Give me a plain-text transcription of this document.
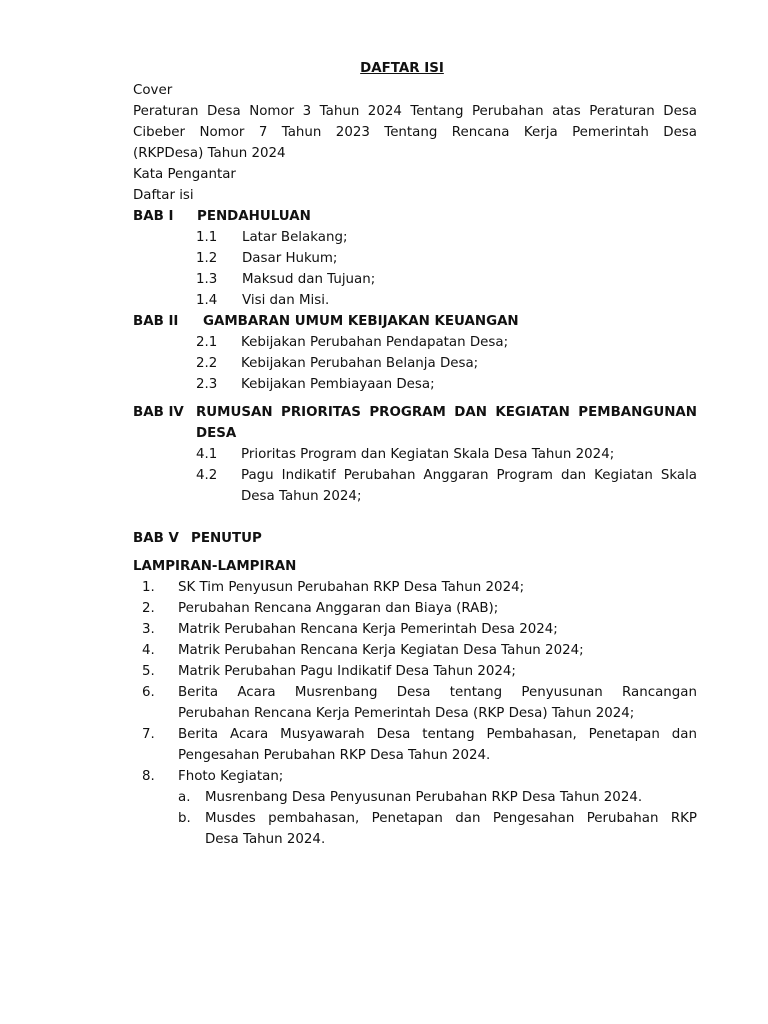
DAFTAR ISI
Cover
Peraturan Desa Nomor 3 Tahun 2024 Tentang Perubahan atas Peraturan Desa
Cibeber Nomor 7 Tahun 2023 Tentang Rencana Kerja Pemerintah Desa
(RKPDesa) Tahun 2024
Kata Pengantar
Daftar isi
BAB I PENDAHULUAN
1.1 Latar Belakang;
1.2 Dasar Hukum;
1.3 Maksud dan Tujuan;
1.4 Visi dan Misi.
BAB II GAMBARAN UMUM KEBIJAKAN KEUANGAN
2.1 Kebijakan Perubahan Pendapatan Desa;
2.2 Kebijakan Perubahan Belanja Desa;
2.3 Kebijakan Pembiayaan Desa;
BAB IV RUMUSAN PRIORITAS PROGRAM DAN KEGIATAN PEMBANGUNAN
DESA
4.1 Prioritas Program dan Kegiatan Skala Desa Tahun 2024;
4.2 Pagu Indikatif Perubahan Anggaran Program dan Kegiatan Skala
Desa Tahun 2024;
BAB V PENUTUP
LAMPIRAN-LAMPIRAN
1. SK Tim Penyusun Perubahan RKP Desa Tahun 2024;
2. Perubahan Rencana Anggaran dan Biaya (RAB);
3. Matrik Perubahan Rencana Kerja Pemerintah Desa 2024;
4. Matrik Perubahan Rencana Kerja Kegiatan Desa Tahun 2024;
5. Matrik Perubahan Pagu Indikatif Desa Tahun 2024;
6. Berita Acara Musrenbang Desa tentang Penyusunan Rancangan
Perubahan Rencana Kerja Pemerintah Desa (RKP Desa) Tahun 2024;
7. Berita Acara Musyawarah Desa tentang Pembahasan, Penetapan dan
Pengesahan Perubahan RKP Desa Tahun 2024.
8. Fhoto Kegiatan;
a. Musrenbang Desa Penyusunan Perubahan RKP Desa Tahun 2024.
b. Musdes pembahasan, Penetapan dan Pengesahan Perubahan RKP
Desa Tahun 2024.
